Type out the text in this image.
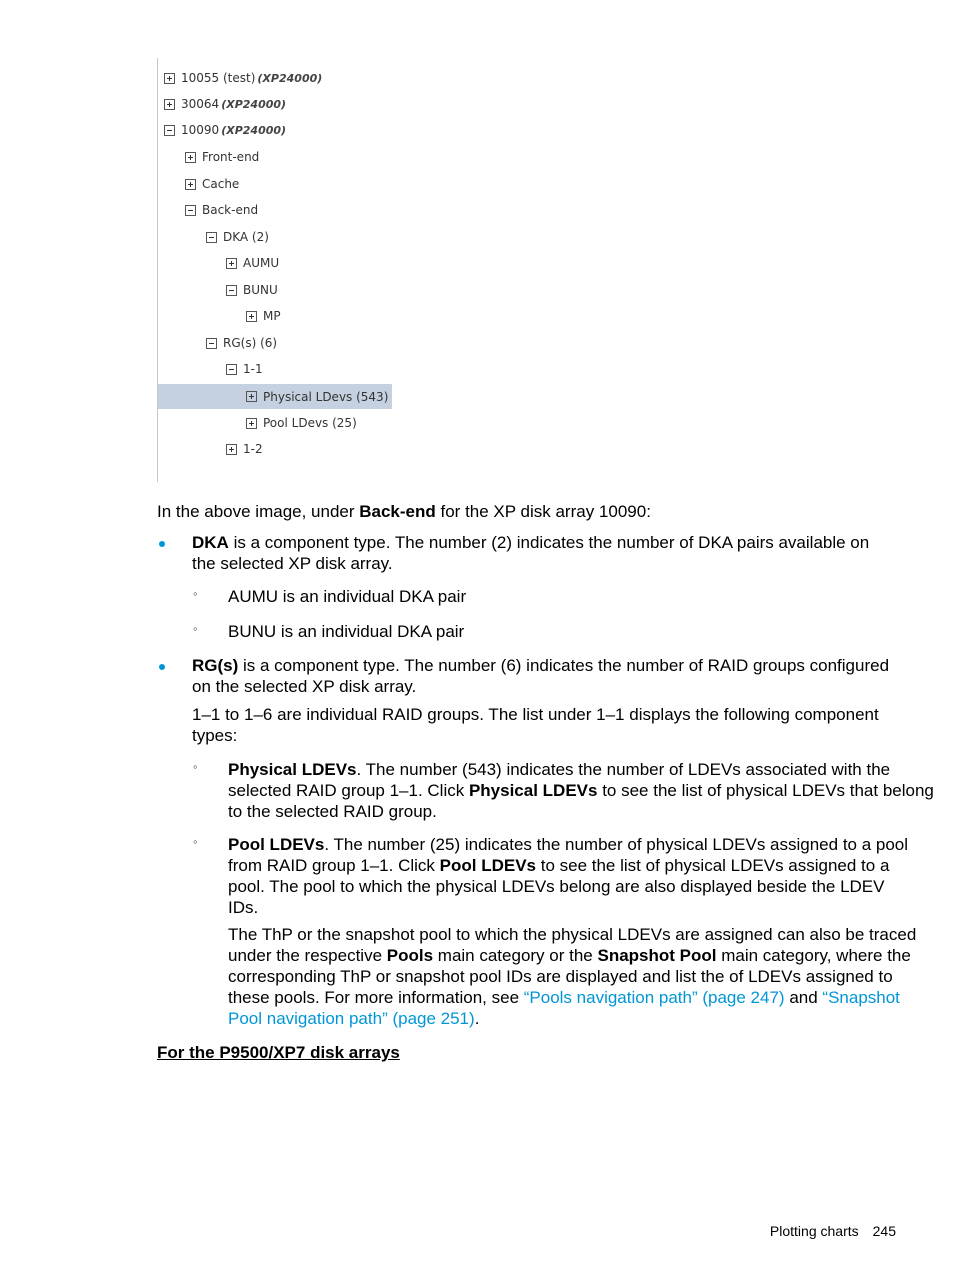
10055 (test) (XP24000)
30064 (XP24000)
10090 (XP24000)
Front-end
Cache
Back-end
DKA (2)
AUMU
BUNU
MP
RG(s) (6)
1-1
Physical LDevs (543)
Pool LDevs (25)
1-2
In the above image, under Back-end for the XP disk array 10090:
DKA is a component type. The number (2) indicates the number of DKA pairs available on
the selected XP disk array.
◦ AUMU is an individual DKA pair
◦ BUNU is an individual DKA pair
RG(s) is a component type. The number (6) indicates the number of RAID groups configured
on the selected XP disk array.
1–1 to 1–6 are individual RAID groups. The list under 1–1 displays the following component
types:
◦ Physical LDEVs. The number (543) indicates the number of LDEVs associated with the
selected RAID group 1–1. Click Physical LDEVs to see the list of physical LDEVs that belong
to the selected RAID group.
◦ Pool LDEVs. The number (25) indicates the number of physical LDEVs assigned to a pool
from RAID group 1–1. Click Pool LDEVs to see the list of physical LDEVs assigned to a
pool. The pool to which the physical LDEVs belong are also displayed beside the LDEV
IDs.
The ThP or the snapshot pool to which the physical LDEVs are assigned can also be traced
under the respective Pools main category or the Snapshot Pool main category, where the
corresponding ThP or snapshot pool IDs are displayed and list the of LDEVs assigned to
these pools. For more information, see “Pools navigation path” (page 247) and “Snapshot
Pool navigation path” (page 251).
For the P9500/XP7 disk arrays
Plotting charts 245
